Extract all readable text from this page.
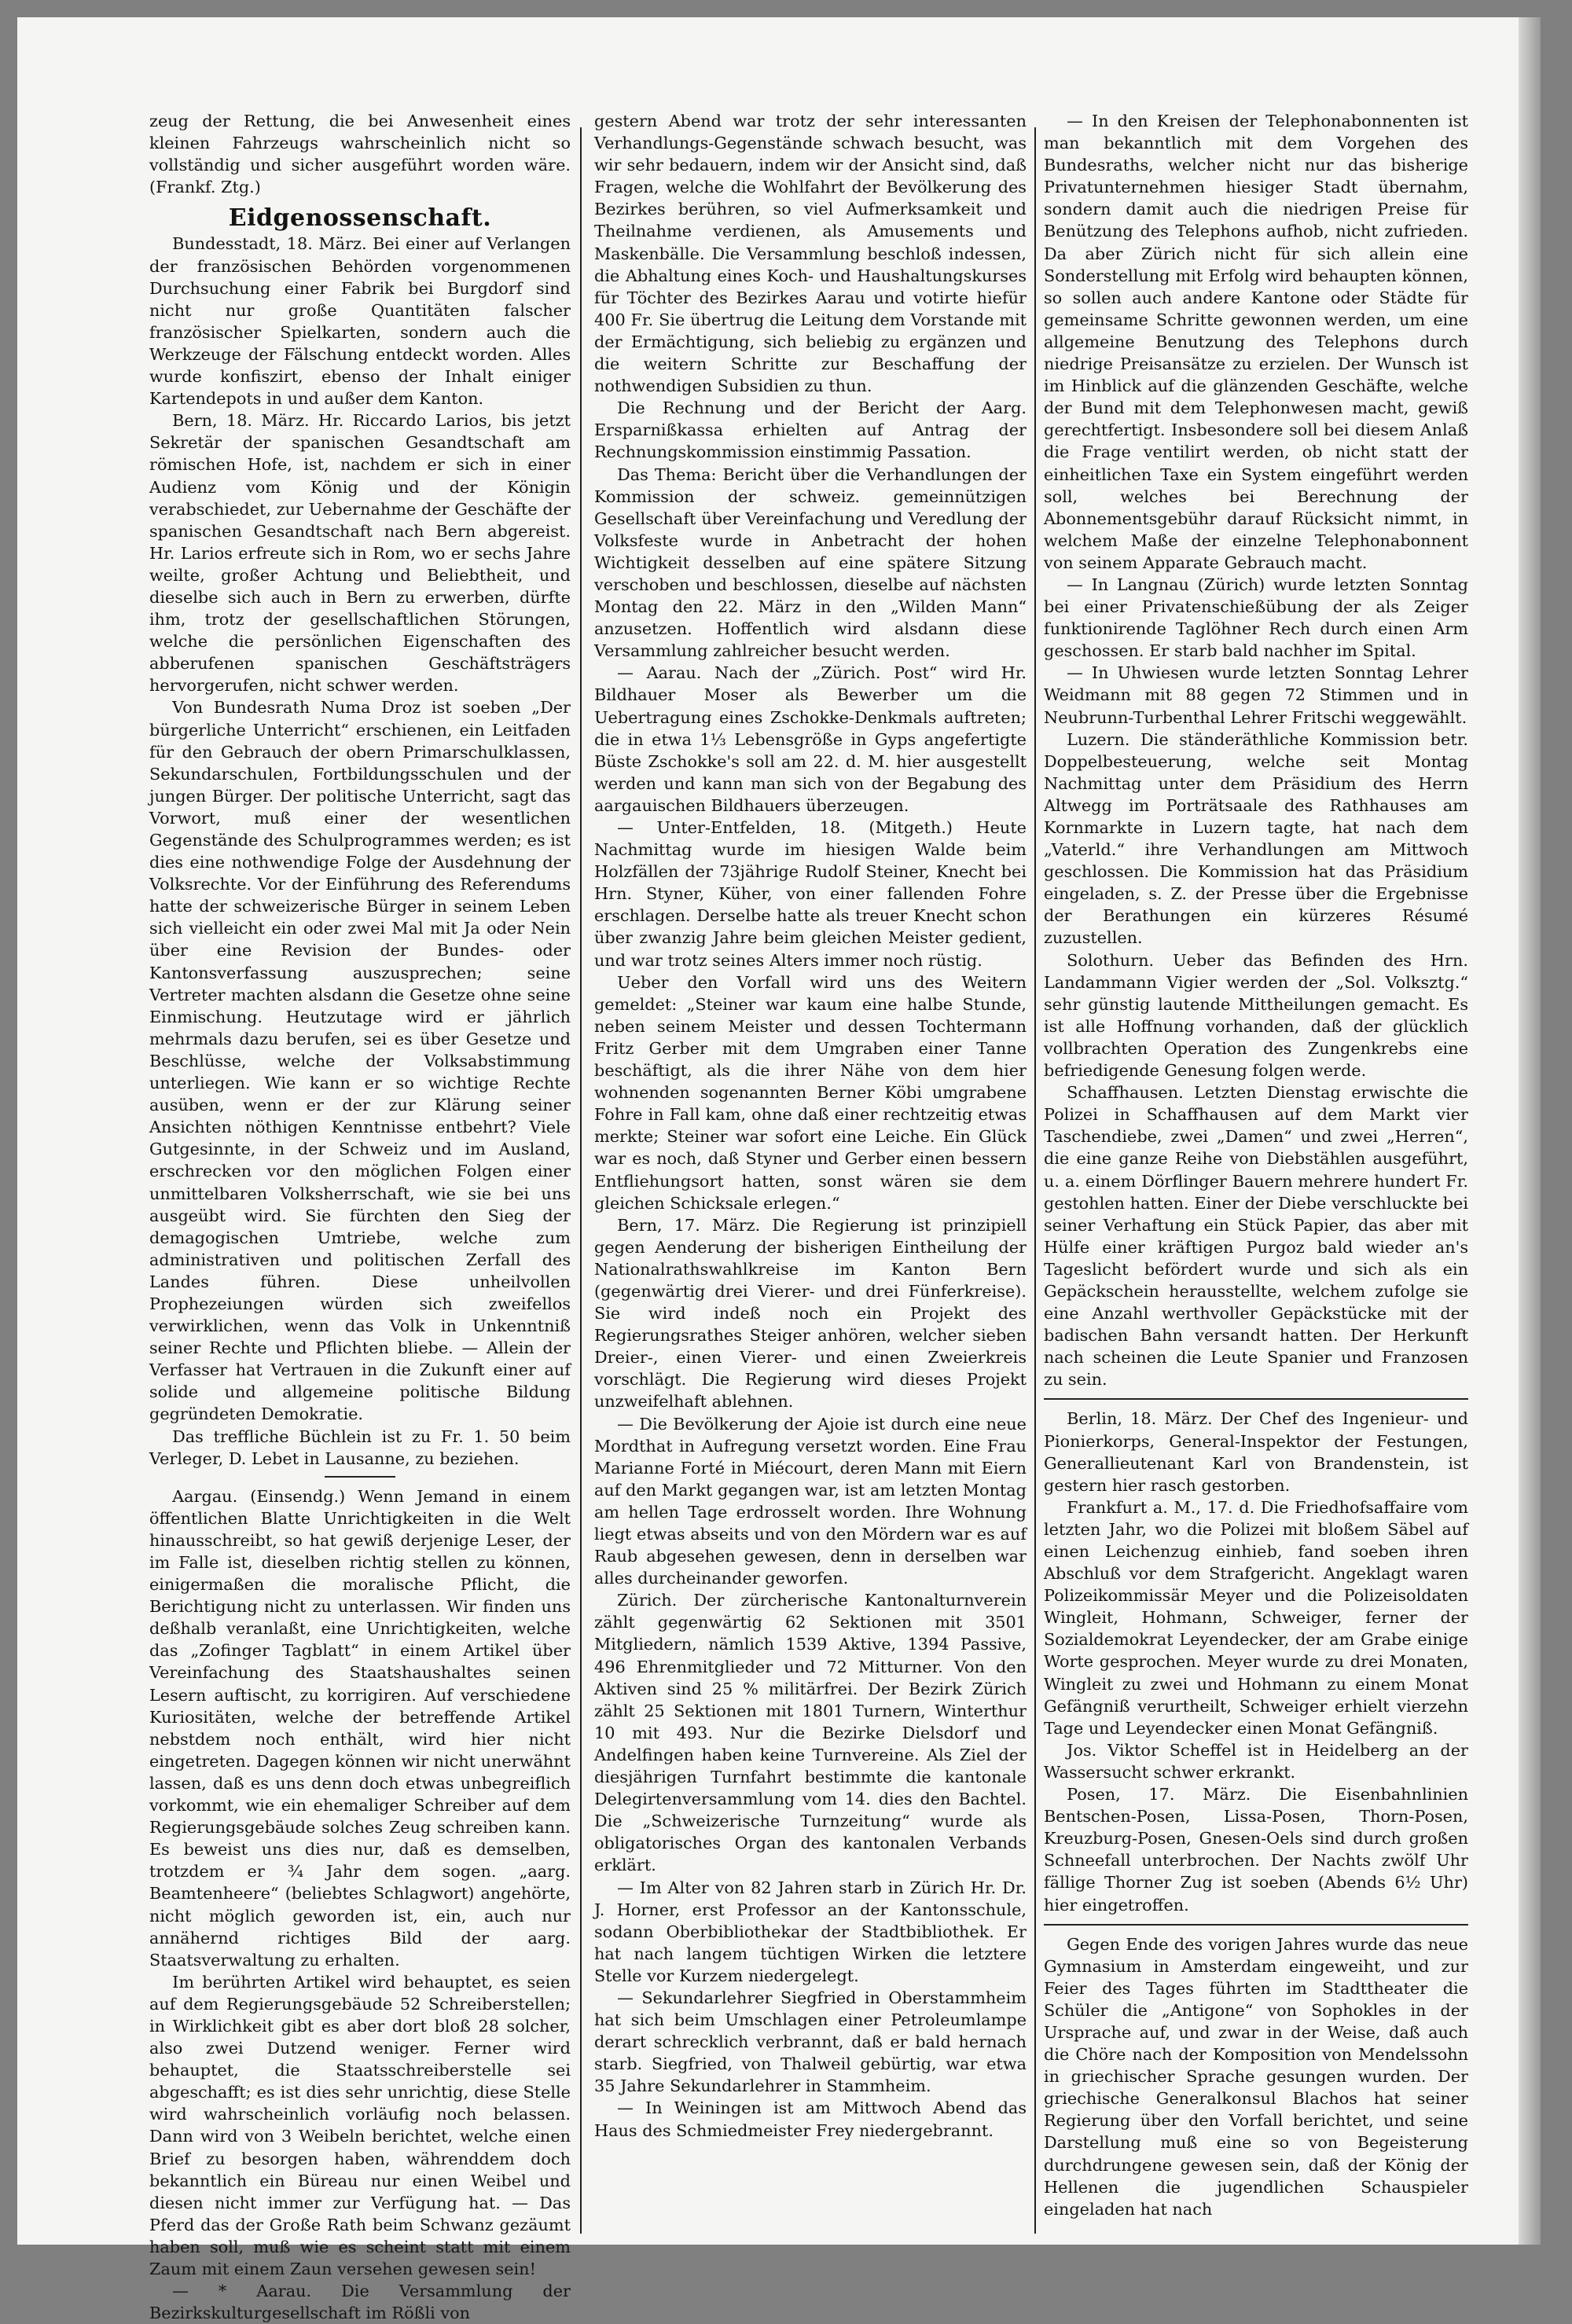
zeug der Rettung, die bei Anwesenheit eines kleinen Fahrzeugs wahrscheinlich nicht so vollständig und sicher ausgeführt worden wäre. (Frankf. Ztg.)

Eidgenossenschaft.

Bundesstadt, 18. März. Bei einer auf Verlangen der französischen Behörden vorgenommenen Durchsuchung einer Fabrik bei Burgdorf sind nicht nur große Quantitäten falscher französischer Spielkarten, sondern auch die Werkzeuge der Fälschung entdeckt worden. Alles wurde konfiszirt, ebenso der Inhalt einiger Kartendepots in und außer dem Kanton.

Bern, 18. März. Hr. Riccardo Larios, bis jetzt Sekretär der spanischen Gesandtschaft am römischen Hofe, ist, nachdem er sich in einer Audienz vom König und der Königin verabschiedet, zur Uebernahme der Geschäfte der spanischen Gesandtschaft nach Bern abgereist. Hr. Larios erfreute sich in Rom, wo er sechs Jahre weilte, großer Achtung und Beliebtheit, und dieselbe sich auch in Bern zu erwerben, dürfte ihm, trotz der gesellschaftlichen Störungen, welche die persönlichen Eigenschaften des abberufenen spanischen Geschäftsträgers hervorgerufen, nicht schwer werden.

Von Bundesrath Numa Droz ist soeben „Der bürgerliche Unterricht“ erschienen, ein Leitfaden für den Gebrauch der obern Primarschulklassen, Sekundarschulen, Fortbildungsschulen und der jungen Bürger. Der politische Unterricht, sagt das Vorwort, muß einer der wesentlichen Gegenstände des Schulprogrammes werden; es ist dies eine nothwendige Folge der Ausdehnung der Volksrechte. Vor der Einführung des Referendums hatte der schweizerische Bürger in seinem Leben sich vielleicht ein oder zwei Mal mit Ja oder Nein über eine Revision der Bundes- oder Kantonsverfassung auszusprechen; seine Vertreter machten alsdann die Gesetze ohne seine Einmischung. Heutzutage wird er jährlich mehrmals dazu berufen, sei es über Gesetze und Beschlüsse, welche der Volksabstimmung unterliegen. Wie kann er so wichtige Rechte ausüben, wenn er der zur Klärung seiner Ansichten nöthigen Kenntnisse entbehrt? Viele Gutgesinnte, in der Schweiz und im Ausland, erschrecken vor den möglichen Folgen einer unmittelbaren Volksherrschaft, wie sie bei uns ausgeübt wird. Sie fürchten den Sieg der demagogischen Umtriebe, welche zum administrativen und politischen Zerfall des Landes führen. Diese unheilvollen Prophezeiungen würden sich zweifellos verwirklichen, wenn das Volk in Unkenntniß seiner Rechte und Pflichten bliebe. — Allein der Verfasser hat Vertrauen in die Zukunft einer auf solide und allgemeine politische Bildung gegründeten Demokratie.

Das treffliche Büchlein ist zu Fr. 1. 50 beim Verleger, D. Lebet in Lausanne, zu beziehen.

Aargau. (Einsendg.) Wenn Jemand in einem öffentlichen Blatte Unrichtigkeiten in die Welt hinausschreibt, so hat gewiß derjenige Leser, der im Falle ist, dieselben richtig stellen zu können, einigermaßen die moralische Pflicht, die Berichtigung nicht zu unterlassen. Wir finden uns deßhalb veranlaßt, eine Unrichtigkeiten, welche das „Zofinger Tagblatt“ in einem Artikel über Vereinfachung des Staatshaushaltes seinen Lesern auftischt, zu korrigiren. Auf verschiedene Kuriositäten, welche der betreffende Artikel nebstdem noch enthält, wird hier nicht eingetreten. Dagegen können wir nicht unerwähnt lassen, daß es uns denn doch etwas unbegreiflich vorkommt, wie ein ehemaliger Schreiber auf dem Regierungsgebäude solches Zeug schreiben kann. Es beweist uns dies nur, daß es demselben, trotzdem er ¾ Jahr dem sogen. „aarg. Beamtenheere“ (beliebtes Schlagwort) angehörte, nicht möglich geworden ist, ein, auch nur annähernd richtiges Bild der aarg. Staatsverwaltung zu erhalten.

Im berührten Artikel wird behauptet, es seien auf dem Regierungsgebäude 52 Schreiberstellen; in Wirklichkeit gibt es aber dort bloß 28 solcher, also zwei Dutzend weniger. Ferner wird behauptet, die Staatsschreiberstelle sei abgeschafft; es ist dies sehr unrichtig, diese Stelle wird wahrscheinlich vorläufig noch belassen. Dann wird von 3 Weibeln berichtet, welche einen Brief zu besorgen haben, währenddem doch bekanntlich ein Büreau nur einen Weibel und diesen nicht immer zur Verfügung hat. — Das Pferd das der Große Rath beim Schwanz gezäumt haben soll, muß wie es scheint statt mit einem Zaum mit einem Zaun versehen gewesen sein!

— * Aarau. Die Versammlung der Bezirkskulturgesellschaft im Rößli von

gestern Abend war trotz der sehr interessanten Verhandlungs-Gegenstände schwach besucht, was wir sehr bedauern, indem wir der Ansicht sind, daß Fragen, welche die Wohlfahrt der Bevölkerung des Bezirkes berühren, so viel Aufmerksamkeit und Theilnahme verdienen, als Amusements und Maskenbälle. Die Versammlung beschloß indessen, die Abhaltung eines Koch- und Haushaltungskurses für Töchter des Bezirkes Aarau und votirte hiefür 400 Fr. Sie übertrug die Leitung dem Vorstande mit der Ermächtigung, sich beliebig zu ergänzen und die weitern Schritte zur Beschaffung der nothwendigen Subsidien zu thun.

Die Rechnung und der Bericht der Aarg. Ersparnißkassa erhielten auf Antrag der Rechnungskommission einstimmig Passation.

Das Thema: Bericht über die Verhandlungen der Kommission der schweiz. gemeinnützigen Gesellschaft über Vereinfachung und Veredlung der Volksfeste wurde in Anbetracht der hohen Wichtigkeit desselben auf eine spätere Sitzung verschoben und beschlossen, dieselbe auf nächsten Montag den 22. März in den „Wilden Mann“ anzusetzen. Hoffentlich wird alsdann diese Versammlung zahlreicher besucht werden.

— Aarau. Nach der „Zürich. Post“ wird Hr. Bildhauer Moser als Bewerber um die Uebertragung eines Zschokke-Denkmals auftreten; die in etwa 1⅓ Lebensgröße in Gyps angefertigte Büste Zschokke's soll am 22. d. M. hier ausgestellt werden und kann man sich von der Begabung des aargauischen Bildhauers überzeugen.

— Unter-Entfelden, 18. (Mitgeth.) Heute Nachmittag wurde im hiesigen Walde beim Holzfällen der 73jährige Rudolf Steiner, Knecht bei Hrn. Styner, Küher, von einer fallenden Fohre erschlagen. Derselbe hatte als treuer Knecht schon über zwanzig Jahre beim gleichen Meister gedient, und war trotz seines Alters immer noch rüstig.

Ueber den Vorfall wird uns des Weitern gemeldet: „Steiner war kaum eine halbe Stunde, neben seinem Meister und dessen Tochtermann Fritz Gerber mit dem Umgraben einer Tanne beschäftigt, als die ihrer Nähe von dem hier wohnenden sogenannten Berner Köbi umgrabene Fohre in Fall kam, ohne daß einer rechtzeitig etwas merkte; Steiner war sofort eine Leiche. Ein Glück war es noch, daß Styner und Gerber einen bessern Entfliehungsort hatten, sonst wären sie dem gleichen Schicksale erlegen.“

Bern, 17. März. Die Regierung ist prinzipiell gegen Aenderung der bisherigen Eintheilung der Nationalrathswahlkreise im Kanton Bern (gegenwärtig drei Vierer- und drei Fünferkreise). Sie wird indeß noch ein Projekt des Regierungsrathes Steiger anhören, welcher sieben Dreier-, einen Vierer- und einen Zweierkreis vorschlägt. Die Regierung wird dieses Projekt unzweifelhaft ablehnen.

— Die Bevölkerung der Ajoie ist durch eine neue Mordthat in Aufregung versetzt worden. Eine Frau Marianne Forté in Miécourt, deren Mann mit Eiern auf den Markt gegangen war, ist am letzten Montag am hellen Tage erdrosselt worden. Ihre Wohnung liegt etwas abseits und von den Mördern war es auf Raub abgesehen gewesen, denn in derselben war alles durcheinander geworfen.

Zürich. Der zürcherische Kantonalturnverein zählt gegenwärtig 62 Sektionen mit 3501 Mitgliedern, nämlich 1539 Aktive, 1394 Passive, 496 Ehrenmitglieder und 72 Mitturner. Von den Aktiven sind 25 % militärfrei. Der Bezirk Zürich zählt 25 Sektionen mit 1801 Turnern, Winterthur 10 mit 493. Nur die Bezirke Dielsdorf und Andelfingen haben keine Turnvereine. Als Ziel der diesjährigen Turnfahrt bestimmte die kantonale Delegirtenversammlung vom 14. dies den Bachtel. Die „Schweizerische Turnzeitung“ wurde als obligatorisches Organ des kantonalen Verbands erklärt.

— Im Alter von 82 Jahren starb in Zürich Hr. Dr. J. Horner, erst Professor an der Kantonsschule, sodann Oberbibliothekar der Stadtbibliothek. Er hat nach langem tüchtigen Wirken die letztere Stelle vor Kurzem niedergelegt.

— Sekundarlehrer Siegfried in Oberstammheim hat sich beim Umschlagen einer Petroleumlampe derart schrecklich verbrannt, daß er bald hernach starb. Siegfried, von Thalweil gebürtig, war etwa 35 Jahre Sekundarlehrer in Stammheim.

— In Weiningen ist am Mittwoch Abend das Haus des Schmiedmeister Frey niedergebrannt.

— In den Kreisen der Telephonabonnenten ist man bekanntlich mit dem Vorgehen des Bundesraths, welcher nicht nur das bisherige Privatunternehmen hiesiger Stadt übernahm, sondern damit auch die niedrigen Preise für Benützung des Telephons aufhob, nicht zufrieden. Da aber Zürich nicht für sich allein eine Sonderstellung mit Erfolg wird behaupten können, so sollen auch andere Kantone oder Städte für gemeinsame Schritte gewonnen werden, um eine allgemeine Benutzung des Telephons durch niedrige Preisansätze zu erzielen. Der Wunsch ist im Hinblick auf die glänzenden Geschäfte, welche der Bund mit dem Telephonwesen macht, gewiß gerechtfertigt. Insbesondere soll bei diesem Anlaß die Frage ventilirt werden, ob nicht statt der einheitlichen Taxe ein System eingeführt werden soll, welches bei Berechnung der Abonnementsgebühr darauf Rücksicht nimmt, in welchem Maße der einzelne Telephonabonnent von seinem Apparate Gebrauch macht.

— In Langnau (Zürich) wurde letzten Sonntag bei einer Privatenschießübung der als Zeiger funktionirende Taglöhner Rech durch einen Arm geschossen. Er starb bald nachher im Spital.

— In Uhwiesen wurde letzten Sonntag Lehrer Weidmann mit 88 gegen 72 Stimmen und in Neubrunn-Turbenthal Lehrer Fritschi weggewählt.

Luzern. Die ständeräthliche Kommission betr. Doppelbesteuerung, welche seit Montag Nachmittag unter dem Präsidium des Herrn Altwegg im Porträtsaale des Rathhauses am Kornmarkte in Luzern tagte, hat nach dem „Vaterld.“ ihre Verhandlungen am Mittwoch geschlossen. Die Kommission hat das Präsidium eingeladen, s. Z. der Presse über die Ergebnisse der Berathungen ein kürzeres Résumé zuzustellen.

Solothurn. Ueber das Befinden des Hrn. Landammann Vigier werden der „Sol. Volksztg.“ sehr günstig lautende Mittheilungen gemacht. Es ist alle Hoffnung vorhanden, daß der glücklich vollbrachten Operation des Zungenkrebs eine befriedigende Genesung folgen werde.

Schaffhausen. Letzten Dienstag erwischte die Polizei in Schaffhausen auf dem Markt vier Taschendiebe, zwei „Damen“ und zwei „Herren“, die eine ganze Reihe von Diebstählen ausgeführt, u. a. einem Dörflinger Bauern mehrere hundert Fr. gestohlen hatten. Einer der Diebe verschluckte bei seiner Verhaftung ein Stück Papier, das aber mit Hülfe einer kräftigen Purgoz bald wieder an's Tageslicht befördert wurde und sich als ein Gepäckschein herausstellte, welchem zufolge sie eine Anzahl werthvoller Gepäckstücke mit der badischen Bahn versandt hatten. Der Herkunft nach scheinen die Leute Spanier und Franzosen zu sein.

Berlin, 18. März. Der Chef des Ingenieur- und Pionierkorps, General-Inspektor der Festungen, Generallieutenant Karl von Brandenstein, ist gestern hier rasch gestorben.

Frankfurt a. M., 17. d. Die Friedhofsaffaire vom letzten Jahr, wo die Polizei mit bloßem Säbel auf einen Leichenzug einhieb, fand soeben ihren Abschluß vor dem Strafgericht. Angeklagt waren Polizeikommissär Meyer und die Polizeisoldaten Wingleit, Hohmann, Schweiger, ferner der Sozialdemokrat Leyendecker, der am Grabe einige Worte gesprochen. Meyer wurde zu drei Monaten, Wingleit zu zwei und Hohmann zu einem Monat Gefängniß verurtheilt, Schweiger erhielt vierzehn Tage und Leyendecker einen Monat Gefängniß.

Jos. Viktor Scheffel ist in Heidelberg an der Wassersucht schwer erkrankt.

Posen, 17. März. Die Eisenbahnlinien Bentschen-Posen, Lissa-Posen, Thorn-Posen, Kreuzburg-Posen, Gnesen-Oels sind durch großen Schneefall unterbrochen. Der Nachts zwölf Uhr fällige Thorner Zug ist soeben (Abends 6½ Uhr) hier eingetroffen.

Gegen Ende des vorigen Jahres wurde das neue Gymnasium in Amsterdam eingeweiht, und zur Feier des Tages führten im Stadttheater die Schüler die „Antigone“ von Sophokles in der Ursprache auf, und zwar in der Weise, daß auch die Chöre nach der Komposition von Mendelssohn in griechischer Sprache gesungen wurden. Der griechische Generalkonsul Blachos hat seiner Regierung über den Vorfall berichtet, und seine Darstellung muß eine so von Begeisterung durchdrungene gewesen sein, daß der König der Hellenen die jugendlichen Schauspieler eingeladen hat nach
